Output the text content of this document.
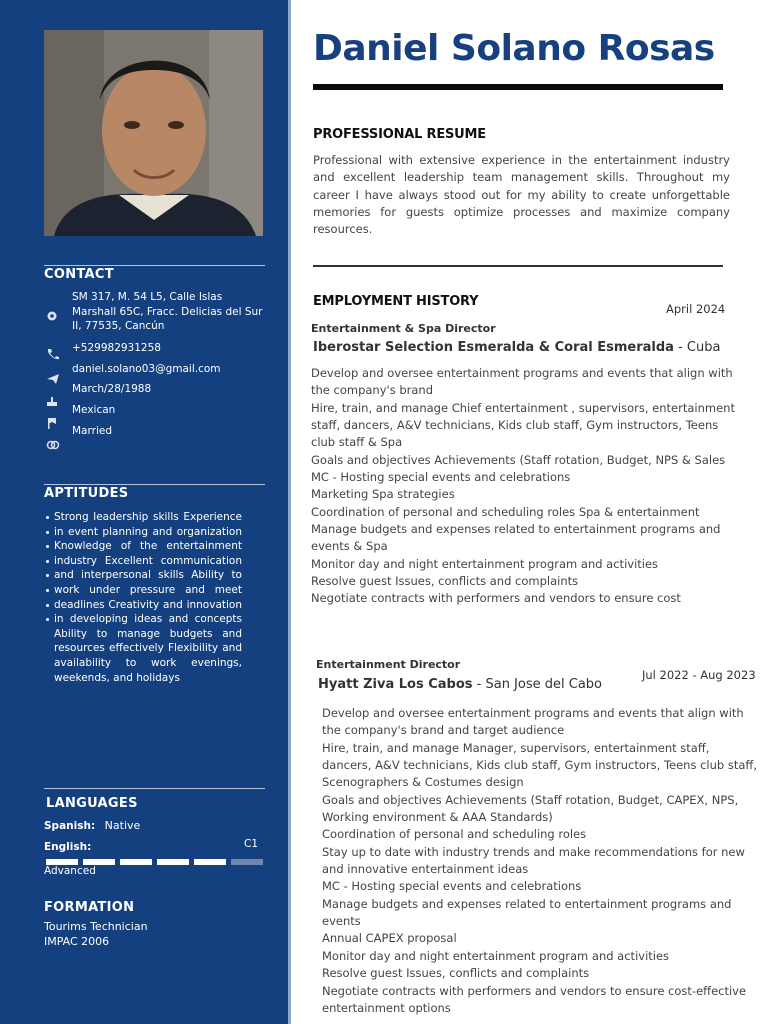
CONTACT
SM 317, M. 54 L5, Calle Islas Marshall 65C, Fracc. Delicias del Sur II, 77535, Cancún
+529982931258
daniel.solano03@gmail.com
March/28/1988
Mexican
Married
APTITUDES
Strong leadership skills Experience in event planning and organization Knowledge of the entertainment industry Excellent communication and interpersonal skills Ability to work under pressure and meet deadlines Creativity and innovation in developing ideas and concepts Ability to manage budgets and resources effectively Flexibility and availability to work evenings, weekends, and holidays
LANGUAGES
Spanish: Native
English:	C1
Advanced
FORMATION
Tourims Technician
IMPAC 2006
Daniel Solano Rosas
PROFESSIONAL RESUME
Professional with extensive experience in the entertainment industry and excellent leadership team management skills. Throughout my career I have always stood out for my ability to create unforgettable memories for guests optimize processes and maximize company resources.
EMPLOYMENT HISTORY	April 2024
Entertainment & Spa Director
Iberostar Selection Esmeralda & Coral Esmeralda - Cuba
Develop and oversee entertainment programs and events that align with the company's brand
Hire, train, and manage Chief entertainment , supervisors, entertainment staff, dancers, A&V technicians, Kids club staff, Gym instructors, Teens club staff & Spa
Goals and objectives Achievements (Staff rotation, Budget, NPS & Sales
MC - Hosting special events and celebrations
Marketing Spa strategies
Coordination of personal and scheduling roles Spa & entertainment
Manage budgets and expenses related to entertainment programs and events & Spa
Monitor day and night entertainment program and activities
Resolve guest Issues, conflicts and complaints
Negotiate contracts with performers and vendors to ensure cost
Entertainment Director
Jul 2022 - Aug 2023
Hyatt Ziva Los Cabos - San Jose del Cabo
Develop and oversee entertainment programs and events that align with the company's brand and target audience
Hire, train, and manage Manager, supervisors, entertainment staff, dancers, A&V technicians, Kids club staff, Gym instructors, Teens club staff, Scenographers & Costumes design
Goals and objectives Achievements (Staff rotation, Budget, CAPEX, NPS, Working environment & AAA Standards)
Coordination of personal and scheduling roles
Stay up to date with industry trends and make recommendations for new and innovative entertainment ideas
MC - Hosting special events and celebrations
Manage budgets and expenses related to entertainment programs and events
Annual CAPEX proposal
Monitor day and night entertainment program and activities
Resolve guest Issues, conflicts and complaints
Negotiate contracts with performers and vendors to ensure cost-effective entertainment options
